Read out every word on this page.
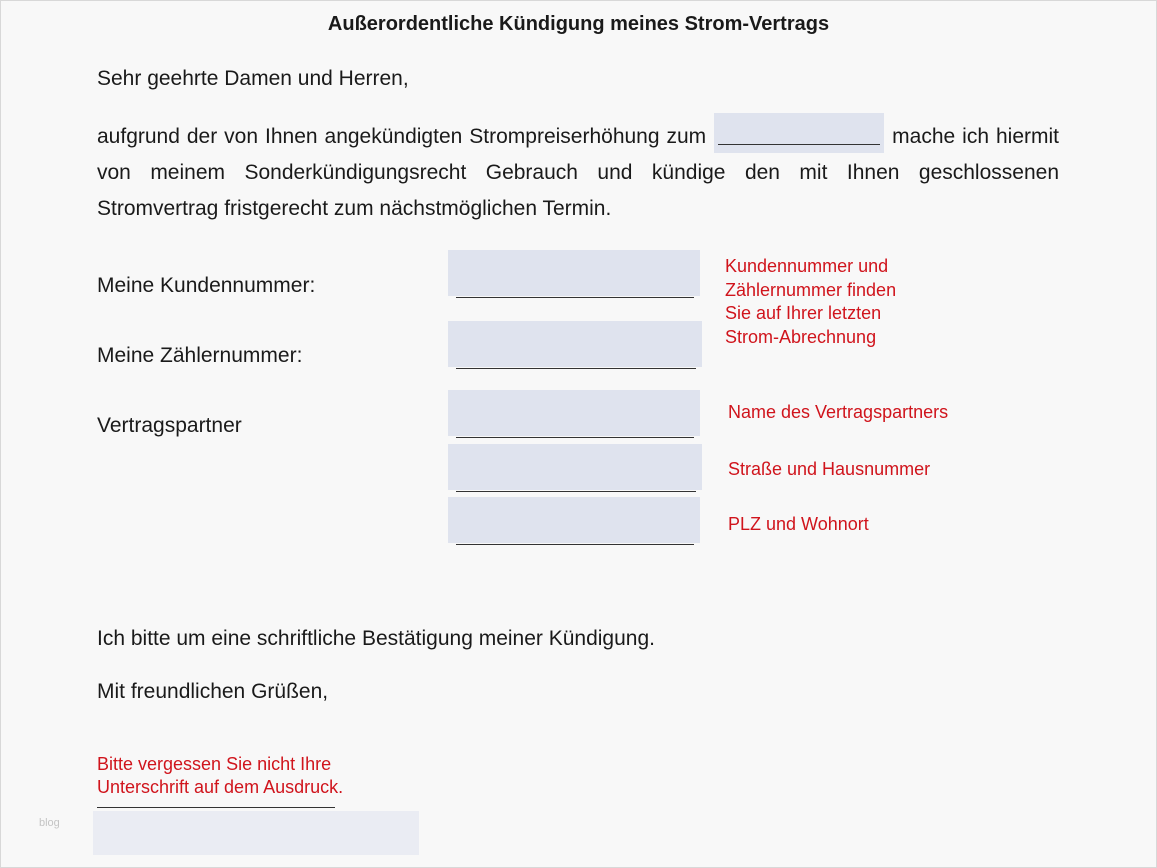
Außerordentliche Kündigung meines Strom-Vertrags
Sehr geehrte Damen und Herren,
aufgrund der von Ihnen angekündigten Strompreiserhöhung zum	mache ich hiermit von meinem Sonderkündigungsrecht Gebrauch und kündige den mit Ihnen geschlossenen Stromvertrag fristgerecht zum nächstmöglichen Termin.
Meine Kundennummer:
Meine Zählernummer:
Vertragspartner
Kundennummer und Zählernummer finden Sie auf Ihrer letzten Strom-Abrechnung
Name des Vertragspartners
Straße und Hausnummer
PLZ und Wohnort
Ich bitte um eine schriftliche Bestätigung meiner Kündigung.
Mit freundlichen Grüßen,
Bitte vergessen Sie nicht Ihre
Unterschrift auf dem Ausdruck.
blog
